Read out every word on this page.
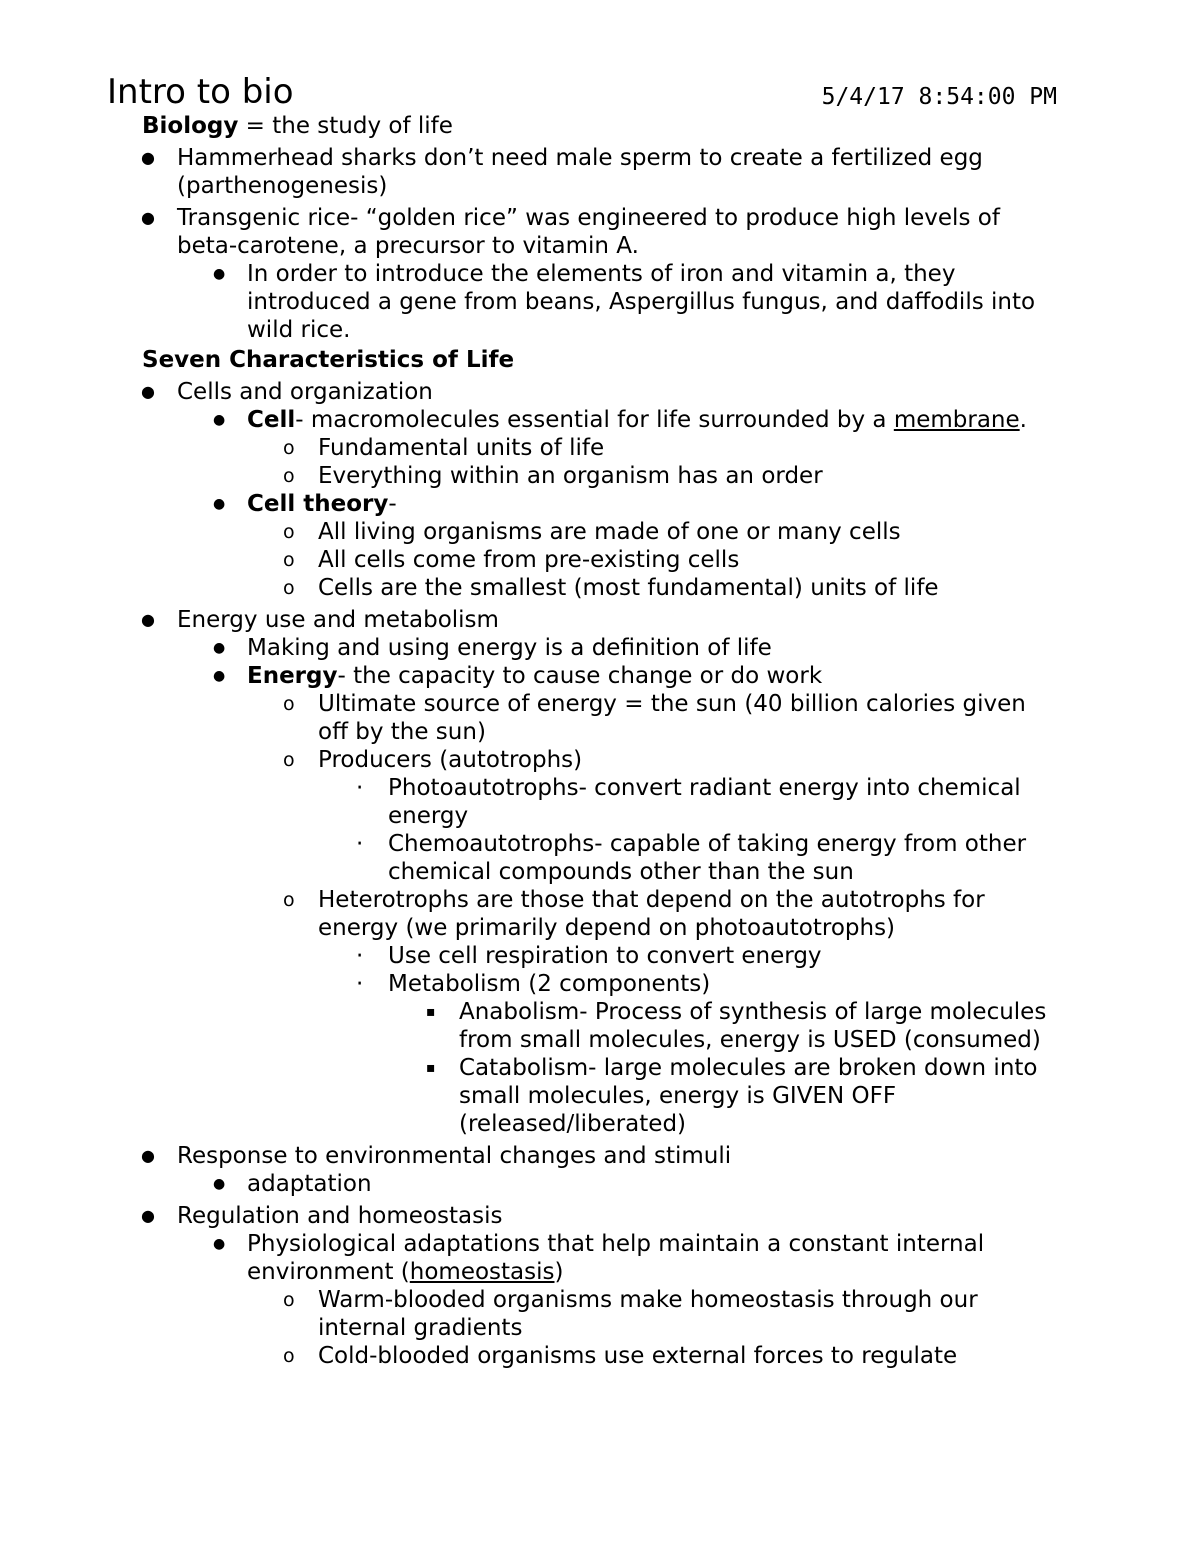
Intro to bio	5/4/17 8:54:00 PM
Biology = the study of life
● Hammerhead sharks don’t need male sperm to create a fertilized egg (parthenogenesis)
● Transgenic rice- “golden rice” was engineered to produce high levels of beta-carotene, a precursor to vitamin A.
● In order to introduce the elements of iron and vitamin a, they introduced a gene from beans, Aspergillus fungus, and daffodils into wild rice.
Seven Characteristics of Life
● Cells and organization
● Cell- macromolecules essential for life surrounded by a membrane.
o Fundamental units of life
o Everything within an organism has an order
● Cell theory-
o All living organisms are made of one or many cells
o All cells come from pre-existing cells
o Cells are the smallest (most fundamental) units of life
● Energy use and metabolism
● Making and using energy is a definition of life
● Energy- the capacity to cause change or do work
o Ultimate source of energy = the sun (40 billion calories given off by the sun)
o Producers (autotrophs)
· Photoautotrophs- convert radiant energy into chemical energy
· Chemoautotrophs- capable of taking energy from other chemical compounds other than the sun
o Heterotrophs are those that depend on the autotrophs for energy (we primarily depend on photoautotrophs)
· Use cell respiration to convert energy
· Metabolism (2 components)
▪ Anabolism- Process of synthesis of large molecules from small molecules, energy is USED (consumed)
▪ Catabolism- large molecules are broken down into small molecules, energy is GIVEN OFF (released/liberated)
● Response to environmental changes and stimuli
● adaptation
● Regulation and homeostasis
● Physiological adaptations that help maintain a constant internal environment (homeostasis)
o Warm-blooded organisms make homeostasis through our internal gradients
o Cold-blooded organisms use external forces to regulate
